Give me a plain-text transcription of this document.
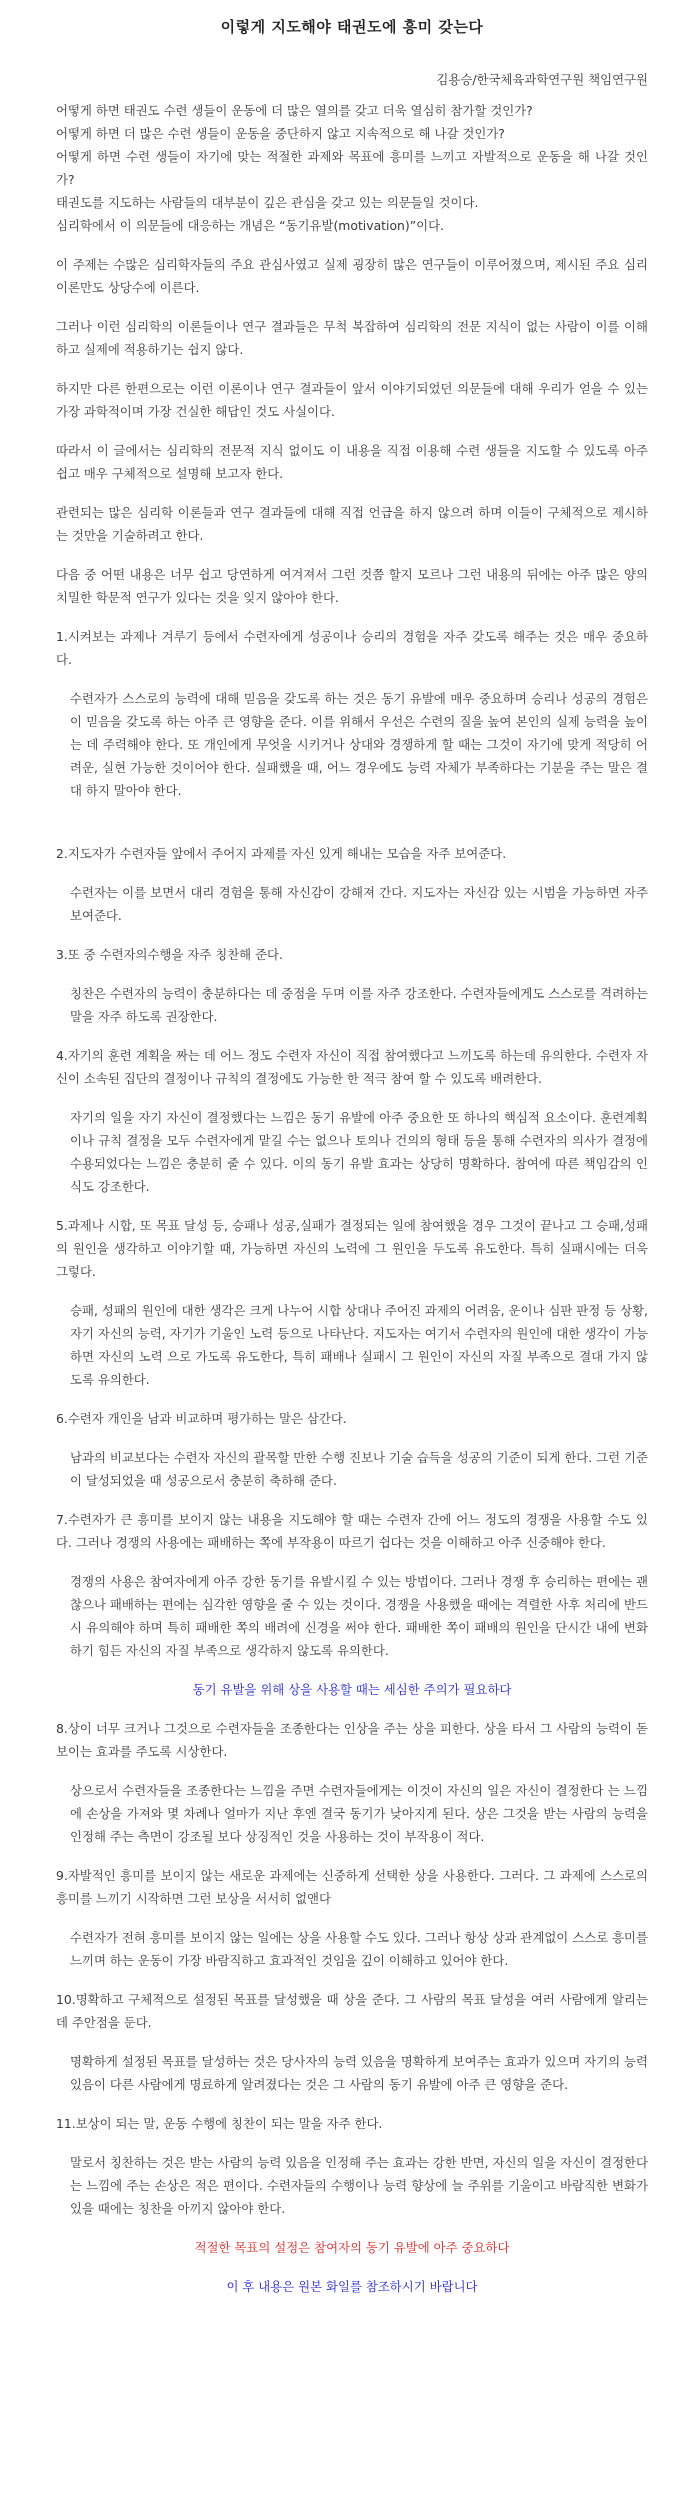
이렇게 지도해야 태권도에 흥미 갖는다
김용승/한국체육과학연구원 책임연구원
어떻게 하면 태권도 수련 생들이 운동에 더 많은 열의를 갖고 더욱 열심히 참가할 것인가?
어떻게 하면 더 많은 수련 생들이 운동을 중단하지 않고 지속적으로 해 나갈 것인가?
어떻게 하면 수련 생들이 자기에 맞는 적절한 과제와 목표에 흥미를 느끼고 자발적으로 운동을 해 나갈 것인가?
태권도를 지도하는 사람들의 대부분이 깊은 관심을 갖고 있는 의문들일 것이다.
심리학에서 이 의문들에 대응하는 개념은 “동기유발(motivation)”이다.
이 주제는 수많은 심리학자들의 주요 관심사였고 실제 굉장히 많은 연구들이 이루어졌으며, 제시된 주요 심리 이론만도 상당수에 이른다.
그러나 이런 심리학의 이론들이나 연구 결과들은 무척 복잡하여 심리학의 전문 지식이 없는 사람이 이를 이해하고 실제에 적용하기는 쉽지 않다.
하지만 다른 한편으로는 이런 이론이나 연구 결과들이 앞서 이야기되었던 의문들에 대해 우리가 얻을 수 있는 가장 과학적이며 가장 건실한 해답인 것도 사실이다.
따라서 이 글에서는 심리학의 전문적 지식 없이도 이 내용을 직접 이용해 수련 생들을 지도할 수 있도록 아주 쉽고 매우 구체적으로 설명해 보고자 한다.
관련되는 많은 심리학 이론들과 연구 결과들에 대해 직접 언급을 하지 않으려 하며 이들이 구체적으로 제시하는 것만을 기술하려고 한다.
다음 중 어떤 내용은 너무 쉽고 당연하게 여겨져서 그런 것쯤 할지 모르나 그런 내용의 뒤에는 아주 많은 양의 치밀한 학문적 연구가 있다는 것을 잊지 않아야 한다.
1.시켜보는 과제나 겨루기 등에서 수련자에게 성공이나 승리의 경험을 자주 갖도록 해주는 것은 매우 중요하다.
수련자가 스스로의 능력에 대해 믿음을 갖도록 하는 것은 동기 유발에 매우 중요하며 승리나 성공의 경험은 이 믿음을 갖도록 하는 아주 큰 영향을 준다. 이를 위해서 우선은 수련의 질을 높여 본인의 실제 능력을 높이는 데 주력해야 한다. 또 개인에게 무엇을 시키거나 상대와 경쟁하게 할 때는 그것이 자기에 맞게 적당히 어려운, 실현 가능한 것이어야 한다. 실패했을 때, 어느 경우에도 능력 자체가 부족하다는 기분을 주는 말은 결대 하지 말아야 한다.
2.지도자가 수련자들 앞에서 주어지 과제를 자신 있게 해내는 모습을 자주 보여준다.
수련자는 이를 보면서 대리 경험을 통해 자신감이 강해져 간다. 지도자는 자신감 있는 시범을 가능하면 자주 보여준다.
3.또 중 수련자의수행을 자주 칭찬해 준다.
칭찬은 수련자의 능력이 충분하다는 데 중점을 두며 이를 자주 강조한다. 수련자들에게도 스스로를 격려하는 말을 자주 하도록 권장한다.
4.자기의 훈련 계획을 짜는 데 어느 정도 수련자 자신이 직접 참여했다고 느끼도록 하는데 유의한다. 수련자 자신이 소속된 집단의 결정이나 규칙의 결정에도 가능한 한 적극 참여 할 수 있도록 배려한다.
자기의 일을 자기 자신이 결정했다는 느낌은 동기 유발에 아주 중요한 또 하나의 핵심적 요소이다. 훈련계획이나 규칙 결정을 모두 수련자에게 맡길 수는 없으나 토의나 건의의 형태 등을 통해 수련자의 의사가 결정에 수용되었다는 느낌은 충분히 줄 수 있다. 이의 동기 유발 효과는 상당히 명확하다. 참여에 따른 책임감의 인식도 강조한다.
5.과제나 시합, 또 목표 달성 등, 승패나 성공,실패가 결정되는 일에 참여했을 경우 그것이 끝나고 그 승패,성패의 원인을 생각하고 이야기할 때, 가능하면 자신의 노력에 그 원인을 두도록 유도한다. 특히 실패시에는 더욱 그렇다.
승패, 성패의 원인에 대한 생각은 크게 나누어 시합 상대나 주어진 과제의 어려움, 운이나 심판 판정 등 상황, 자기 자신의 능력, 자기가 기울인 노력 등으로 나타난다. 지도자는 여기서 수련자의 원인에 대한 생각이 가능하면 자신의 노력 으로 가도록 유도한다, 특히 패배나 실패시 그 원인이 자신의 자질 부족으로 결대 가지 않도록 유의한다.
6.수련자 개인을 남과 비교하며 평가하는 말은 삼간다.
남과의 비교보다는 수련자 자신의 괄목할 만한 수행 진보나 기술 습득을 성공의 기준이 되게 한다. 그런 기준이 달성되었을 때 성공으로서 충분히 축하해 준다.
7.수련자가 큰 흥미를 보이지 않는 내용을 지도해야 할 때는 수련자 간에 어느 정도의 경쟁을 사용할 수도 있다. 그러나 경쟁의 사용에는 패배하는 쪽에 부작용이 따르기 쉽다는 것을 이해하고 아주 신중해야 한다.
경쟁의 사용은 참여자에게 아주 강한 동기를 유발시킬 수 있는 방법이다. 그러나 경쟁 후 승리하는 편에는 괜찮으나 패배하는 편에는 심각한 영향을 줄 수 있는 것이다. 경쟁을 사용했을 때에는 격렬한 사후 처리에 반드시 유의해야 하며 특히 패배한 쪽의 배려에 신경을 써야 한다. 패배한 쪽이 패배의 원인을 단시간 내에 변화하기 힘든 자신의 자질 부족으로 생각하지 않도록 유의한다.
동기 유발을 위해 상을 사용할 때는 세심한 주의가 필요하다
8.상이 너무 크거나 그것으로 수련자들을 조종한다는 인상을 주는 상을 피한다. 상을 타서 그 사람의 능력이 돋보이는 효과를 주도록 시상한다.
상으로서 수련자들을 조종한다는 느낌을 주면 수련자들에게는 이것이 자신의 일은 자신이 결정한다 는 느낌에 손상을 가져와 몇 차례나 얼마가 지난 후엔 결국 동기가 낮아지게 된다. 상은 그것을 받는 사람의 능력을 인정해 주는 측면이 강조될 보다 상징적인 것을 사용하는 것이 부작용이 적다.
9.자발적인 흥미를 보이지 않는 새로운 과제에는 신중하게 선택한 상을 사용한다. 그러다. 그 과제에 스스로의 흥미를 느끼기 시작하면 그런 보상을 서서히 없앤다
수련자가 전혀 흥미를 보이지 않는 일에는 상을 사용할 수도 있다. 그러나 항상 상과 관계없이 스스로 흥미를 느끼며 하는 운동이 가장 바람직하고 효과적인 것임을 깊이 이해하고 있어야 한다.
10.명확하고 구체적으로 설정된 목표를 달성했을 때 상을 준다. 그 사람의 목표 달성을 여러 사람에게 알리는 데 주안점을 둔다.
명확하게 설정된 목표를 달성하는 것은 당사자의 능력 있음을 명확하게 보여주는 효과가 있으며 자기의 능력 있음이 다른 사람에게 명료하게 알려졌다는 것은 그 사람의 동기 유발에 아주 큰 영향을 준다.
11.보상이 되는 말, 운동 수행에 칭찬이 되는 말을 자주 한다.
말로서 칭찬하는 것은 받는 사람의 능력 있음을 인정해 주는 효과는 강한 반면, 자신의 일을 자신이 결정한다는 느낌에 주는 손상은 적은 편이다. 수련자들의 수행이나 능력 향상에 늘 주위를 기울이고 바람직한 변화가 있을 때에는 칭찬을 아끼지 않아야 한다.
적절한 목표의 설정은 참여자의 동기 유발에 아주 중요하다
이 후 내용은 원본 화일를 참조하시기 바랍니다
